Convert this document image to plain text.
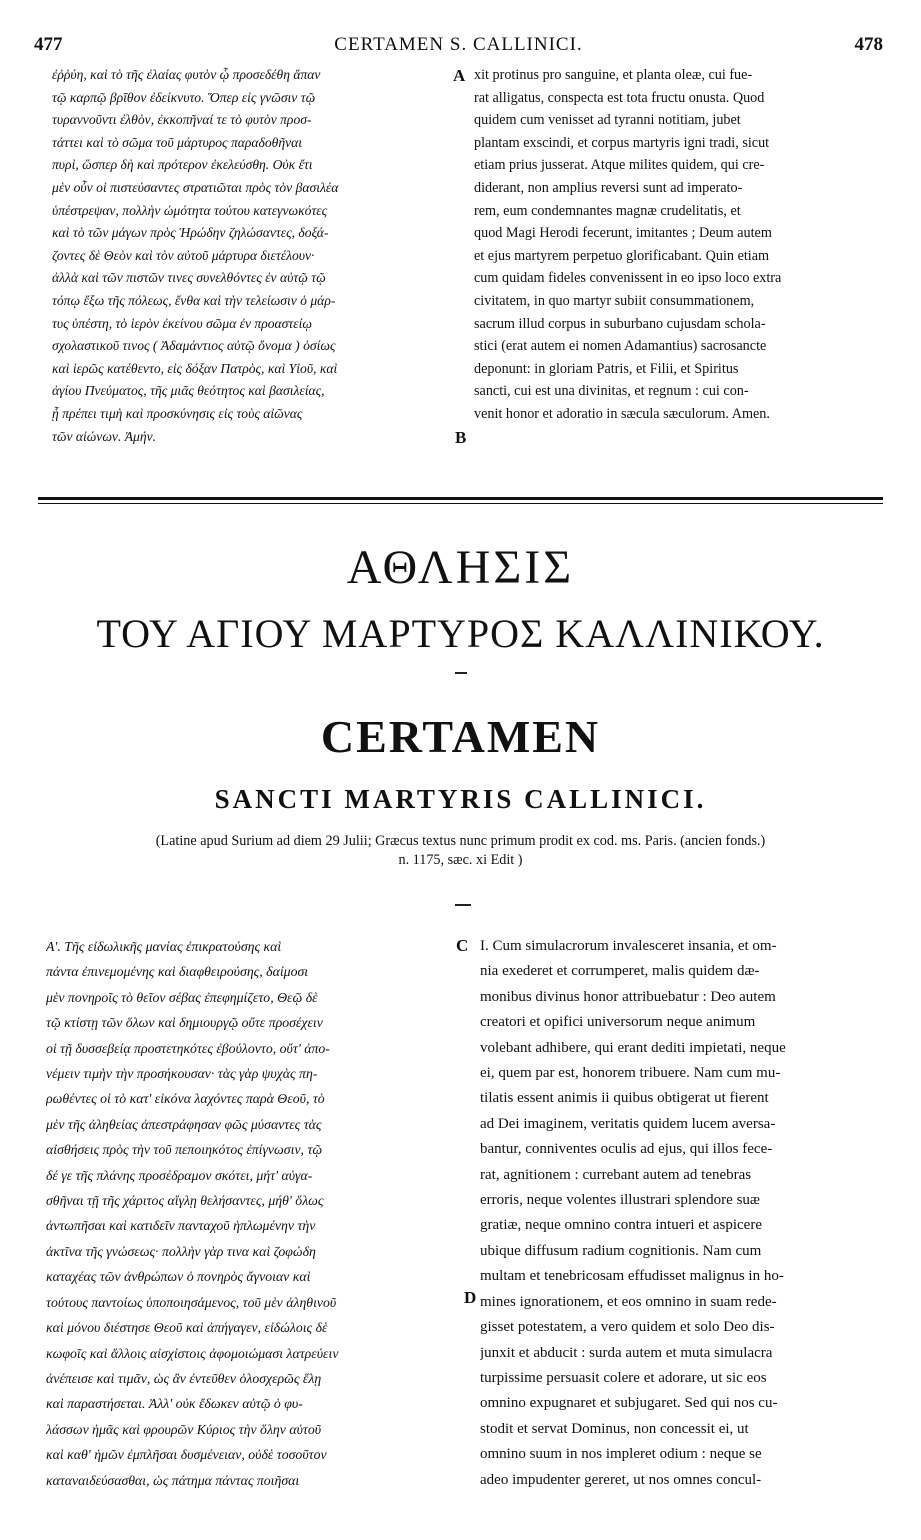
477	CERTAMEN S. CALLINICI.	478

ἐῤῥύη, καὶ τὸ τῆς ἐλαίας φυτὸν ᾧ προσεδέθη ἅπαν

τῷ καρπῷ βρῖθον ἐδείκνυτο. Ὅπερ εἰς γνῶσιν τῷ

τυραννοῦντι ἐλθὸν, ἐκκοπῆναί τε τὸ φυτὸν προσ-

τάττει καὶ τὸ σῶμα τοῦ μάρτυρος παραδοθῆναι

πυρὶ, ὥσπερ δὴ καὶ πρότερον ἐκελεύσθη. Οὐκ ἔτι

μὲν οὖν οἱ πιστεύσαντες στρατιῶται πρὸς τὸν βασιλέα

ὑπέστρεψαν, πολλὴν ὠμότητα τούτου κατεγνωκότες

καὶ τὸ τῶν μάγων πρὸς Ἡρώδην ζηλώσαντες, δοξά-

ζοντες δὲ Θεὸν καὶ τὸν αὐτοῦ μάρτυρα διετέλουν·

ἀλλὰ καὶ τῶν πιστῶν τινες συνελθόντες ἐν αὐτῷ τῷ

τόπῳ ἔξω τῆς πόλεως, ἔνθα καὶ τὴν τελείωσιν ὁ μάρ-

τυς ὑπέστη, τὸ ἱερὸν ἐκείνου σῶμα ἐν προαστείῳ

σχολαστικοῦ τινος ( Ἀδαμάντιος αὐτῷ ὄνομα ) ὁσίως

καὶ ἱερῶς κατέθεντο, εἰς δόξαν Πατρὸς, καὶ Υἱοῦ, καὶ

ἁγίου Πνεύματος, τῆς μιᾶς θεότητος καὶ βασιλείας,

ᾗ πρέπει τιμὴ καὶ προσκύνησις εἰς τοὺς αἰῶνας

τῶν αἰώνων. Ἀμήν.

xit protinus pro sanguine, et planta oleæ, cui fue-

rat alligatus, conspecta est tota fructu onusta. Quod

quidem cum venisset ad tyranni notitiam, jubet

plantam exscindi, et corpus martyris igni tradi, sicut

etiam prius jusserat. Atque milites quidem, qui cre-

diderant, non amplius reversi sunt ad imperato-

rem, eum condemnantes magnæ crudelitatis, et

quod Magi Herodi fecerunt, imitantes ; Deum autem

et ejus martyrem perpetuo glorificabant. Quin etiam

cum quidam fideles convenissent in eo ipso loco extra

civitatem, in quo martyr subiit consummationem,

sacrum illud corpus in suburbano cujusdam schola-

stici (erat autem ei nomen Adamantius) sacrosancte

deponunt: in gloriam Patris, et Filii, et Spiritus

sancti, cui est una divinitas, et regnum : cui con-

venit honor et adoratio in sæcula sæculorum. Amen.

A
B
ΑΘΛΗΣΙΣ
ΤΟΥ ΑΓΙΟΥ ΜΑΡΤΥΡΟΣ ΚΑΛΛΙΝΙΚΟΥ.
CERTAMEN
SANCTI MARTYRIS CALLINICI.
(Latine apud Surium ad diem 29 Julii; Græcus textus nunc primum prodit ex cod. ms. Paris. (ancien fonds.)
n. 1175, sæc. xi Edit )

Α'. Τῆς εἰδωλικῆς μανίας ἐπικρατούσης καὶ

πάντα ἐπινεμομένης καὶ διαφθειρούσης, δαίμοσι

μὲν πονηροῖς τὸ θεῖον σέβας ἐπεφημίζετο, Θεῷ δὲ

τῷ κτίστῃ τῶν ὅλων καὶ δημιουργῷ οὔτε προσέχειν

οἱ τῇ δυσσεβείᾳ προστετηκότες ἐβούλοντο, οὔτ' ἀπο-

νέμειν τιμὴν τὴν προσήκουσαν· τὰς γὰρ ψυχὰς πη-

ρωθέντες οἱ τὸ κατ' εἰκόνα λαχόντες παρὰ Θεοῦ, τὸ

μὲν τῆς ἀληθείας ἀπεστράφησαν φῶς μύσαντες τὰς

αἰσθήσεις πρὸς τὴν τοῦ πεποιηκότος ἐπίγνωσιν, τῷ

δέ γε τῆς πλάνης προσέδραμον σκότει, μήτ' αὐγα-

σθῆναι τῇ τῆς χάριτος αἴγλῃ θελήσαντες, μήθ' ὅλως

ἀντωπῆσαι καὶ κατιδεῖν πανταχοῦ ἡπλωμένην τὴν

ἀκτῖνα τῆς γνώσεως· πολλὴν γὰρ τινα καὶ ζοφώδη

καταχέας τῶν ἀνθρώπων ὁ πονηρὸς ἄγνοιαν καὶ

τούτους παντοίως ὑποποιησάμενος, τοῦ μὲν ἀληθινοῦ

καὶ μόνου διέστησε Θεοῦ καὶ ἀπήγαγεν, εἰδώλοις δὲ

κωφοῖς καὶ ἄλλοις αἰσχίστοις ἀφομοιώμασι λατρεύειν

ἀνέπεισε καὶ τιμᾶν, ὡς ἂν ἐντεῦθεν ὁλοσχερῶς ἕλῃ

καὶ παραστήσεται. Ἀλλ' οὐκ ἔδωκεν αὐτῷ ὁ φυ-

λάσσων ἡμᾶς καὶ φρουρῶν Κύριος τὴν ὅλην αὐτοῦ

καὶ καθ' ἡμῶν ἐμπλῆσαι δυσμένειαν, οὐδὲ τοσοῦτον

καταναιδεύσασθαι, ὡς πάτημα πάντας ποιῆσαι

I. Cum simulacrorum invalesceret insania, et om-

nia exederet et corrumperet, malis quidem dæ-

monibus divinus honor attribuebatur : Deo autem

creatori et opifici universorum neque animum

volebant adhibere, qui erant dediti impietati, neque

ei, quem par est, honorem tribuere. Nam cum mu-

tilatis essent animis ii quibus obtigerat ut fierent

ad Dei imaginem, veritatis quidem lucem aversa-

bantur, conniventes oculis ad ejus, qui illos fece-

rat, agnitionem : currebant autem ad tenebras

erroris, neque volentes illustrari splendore suæ

gratiæ, neque omnino contra intueri et aspicere

ubique diffusum radium cognitionis. Nam cum

multam et tenebricosam effudisset malignus in ho-

mines ignorationem, et eos omnino in suam rede-

gisset potestatem, a vero quidem et solo Deo dis-

junxit et abducit : surda autem et muta simulacra

turpissime persuasit colere et adorare, ut sic eos

omnino expugnaret et subjugaret. Sed qui nos cu-

stodit et servat Dominus, non concessit ei, ut

omnino suum in nos impleret odium : neque se

adeo impudenter gereret, ut nos omnes concul-

C
D
